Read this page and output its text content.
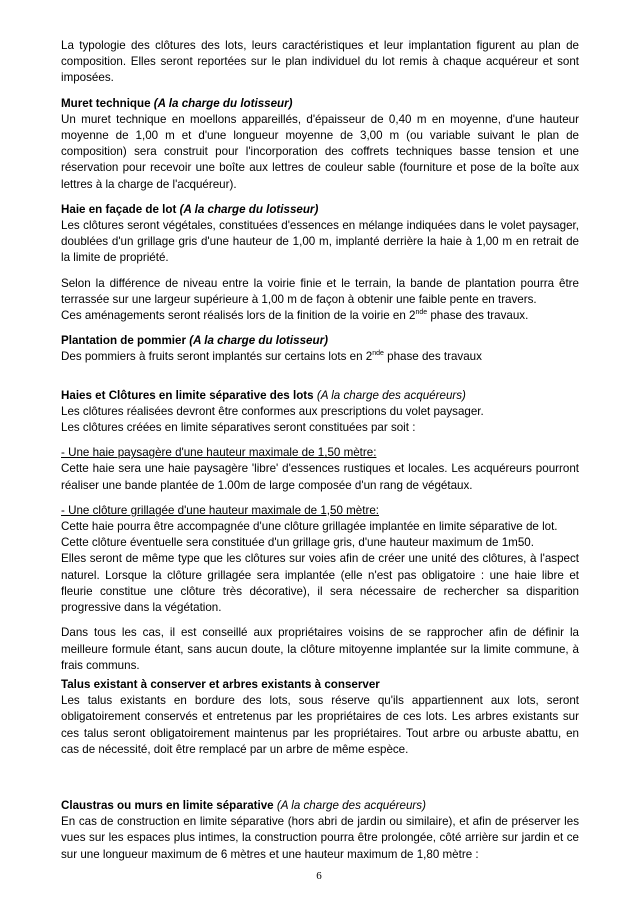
La typologie des clôtures des lots, leurs caractéristiques et leur implantation figurent au plan de composition. Elles seront reportées sur le plan individuel du lot remis à chaque acquéreur et sont imposées.

Muret technique (A la charge du lotisseur)

Un muret technique en moellons appareillés, d'épaisseur de 0,40 m en moyenne, d'une hauteur moyenne de 1,00 m et d'une longueur moyenne de 3,00 m (ou variable suivant le plan de composition) sera construit pour l'incorporation des coffrets techniques basse tension et une réservation pour recevoir une boîte aux lettres de couleur sable (fourniture et pose de la boîte aux lettres à la charge de l'acquéreur).

Haie en façade de lot (A la charge du lotisseur)

Les clôtures seront végétales, constituées d'essences en mélange indiquées dans le volet paysager, doublées d'un grillage gris d'une hauteur de 1,00 m, implanté derrière la haie à 1,00 m en retrait de la limite de propriété.

Selon la différence de niveau entre la voirie finie et le terrain, la bande de plantation pourra être terrassée sur une largeur supérieure à 1,00 m de façon à obtenir une faible pente en travers.

Ces aménagements seront réalisés lors de la finition de la voirie en 2nde phase des travaux.

Plantation de pommier (A la charge du lotisseur)

Des pommiers à fruits seront implantés sur certains lots en 2nde phase des travaux

Haies et Clôtures en limite séparative des lots (A la charge des acquéreurs)

Les clôtures réalisées devront être conformes aux prescriptions du volet paysager.

Les clôtures créées en limite séparatives seront constituées par soit :

- Une haie paysagère d'une hauteur maximale de 1,50 mètre:

Cette haie sera une haie paysagère 'libre' d'essences rustiques et locales. Les acquéreurs pourront réaliser une bande plantée de 1.00m de large composée d'un rang de végétaux.

- Une clôture grillagée d'une hauteur maximale de 1,50 mètre:

Cette haie pourra être accompagnée d'une clôture grillagée implantée en limite séparative de lot.

Cette clôture éventuelle sera constituée d'un grillage gris, d'une hauteur maximum de 1m50.

Elles seront de même type que les clôtures sur voies afin de créer une unité des clôtures, à l'aspect naturel. Lorsque la clôture grillagée sera implantée (elle n'est pas obligatoire : une haie libre et fleurie constitue une clôture très décorative), il sera nécessaire de rechercher sa disparition progressive dans la végétation.

Dans tous les cas, il est conseillé aux propriétaires voisins de se rapprocher afin de définir la meilleure formule étant, sans aucun doute, la clôture mitoyenne implantée sur la limite commune, à frais communs.

Talus existant à conserver et arbres existants à conserver

Les talus existants en bordure des lots, sous réserve qu'ils appartiennent aux lots, seront obligatoirement conservés et entretenus par les propriétaires de ces lots. Les arbres existants sur ces talus seront obligatoirement maintenus par les propriétaires. Tout arbre ou arbuste abattu, en cas de nécessité, doit être remplacé par un arbre de même espèce.

Claustras ou murs en limite séparative (A la charge des acquéreurs)

En cas de construction en limite séparative (hors abri de jardin ou similaire), et afin de préserver les vues sur les espaces plus intimes, la construction pourra être prolongée, côté arrière sur jardin et ce sur une longueur maximum de 6 mètres et une hauteur maximum de 1,80 mètre :

6
